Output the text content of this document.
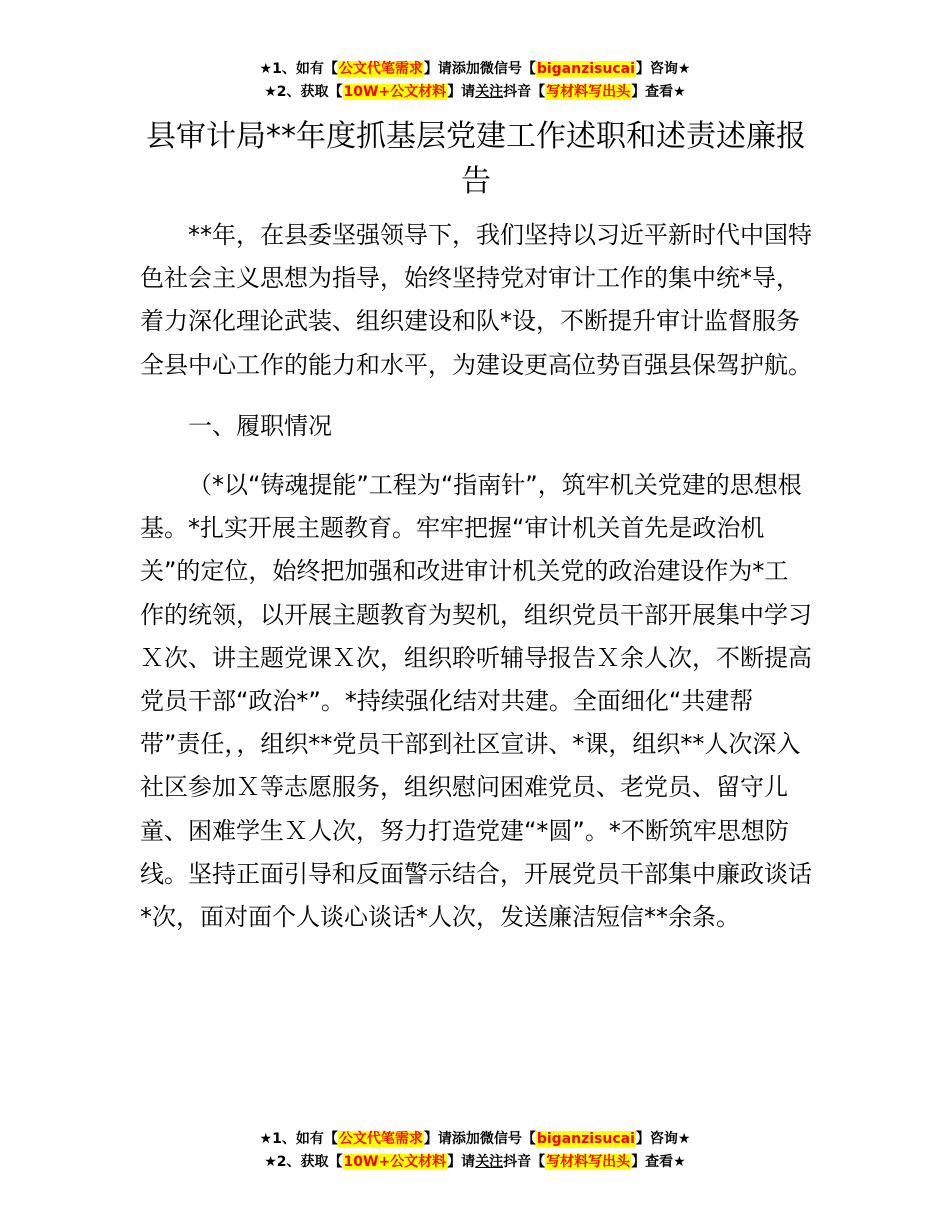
★1、如有【公文代笔需求】请添加微信号【biganzisucai】咨询★
★2、获取【10W+公文材料】请关注抖音【写材料写出头】查看★
县审计局**年度抓基层党建工作述职和述责述廉报告

**年，在县委坚强领导下，我们坚持以习近平新时代中国特色社会主义思想为指导，始终坚持党对审计工作的集中统*导，着力深化理论武装、组织建设和队*设，不断提升审计监督服务全县中心工作的能力和水平，为建设更高位势百强县保驾护航。

一、履职情况

（*以“铸魂提能”工程为“指南针”，筑牢机关党建的思想根基。*扎实开展主题教育。牢牢把握“审计机关首先是政治机关”的定位，始终把加强和改进审计机关党的政治建设作为*工作的统领，以开展主题教育为契机，组织党员干部开展集中学习Ｘ次、讲主题党课Ｘ次，组织聆听辅导报告Ｘ余人次，不断提高党员干部“政治*”。*持续强化结对共建。全面细化“共建帮带”责任，，组织**党员干部到社区宣讲、*课，组织**人次深入社区参加Ｘ等志愿服务，组织慰问困难党员、老党员、留守儿童、困难学生Ｘ人次，努力打造党建“*圆”。*不断筑牢思想防线。坚持正面引导和反面警示结合，开展党员干部集中廉政谈话*次，面对面个人谈心谈话*人次，发送廉洁短信**余条。

★1、如有【公文代笔需求】请添加微信号【biganzisucai】咨询★
★2、获取【10W+公文材料】请关注抖音【写材料写出头】查看★
